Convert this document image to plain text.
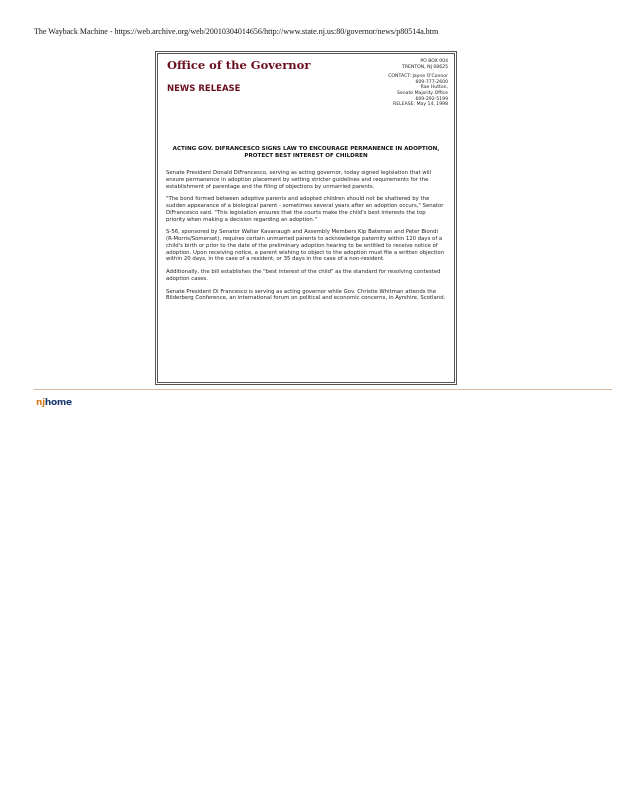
The Wayback Machine - https://web.archive.org/web/20010304014656/http://www.state.nj.us:80/governor/news/p80514a.htm
Office of the Governor
NEWS RELEASE
PO BOX 004
TRENTON, NJ 08625
CONTACT: Jayne O'Connor
609-777-2600
Rae Hutton,
Senate Majority Office
609-292-5199
RELEASE: May 14, 1998
ACTING GOV. DIFRANCESCO SIGNS LAW TO ENCOURAGE PERMANENCE IN ADOPTION, PROTECT BEST INTEREST OF CHILDREN

Senate President Donald DiFrancesco, serving as acting governor, today signed legislation that will ensure permanence in adoption placement by setting stricter guidelines and requirements for the establishment of parentage and the filing of objections by unmarried parents.

"The bond formed between adoptive parents and adopted children should not be shattered by the sudden appearance of a biological parent - sometimes several years after an adoption occurs," Senator DiFrancesco said. "This legislation ensures that the courts make the child's best interests the top priority when making a decision regarding an adoption."

S-56, sponsored by Senator Walter Kavanaugh and Assembly Members Kip Bateman and Peter Biondi (R-Morris/Somerset), requires certain unmarried parents to acknowledge paternity within 120 days of a child's birth or prior to the date of the preliminary adoption hearing to be entitled to receive notice of adoption. Upon receiving notice, a parent wishing to object to the adoption must file a written objection within 20 days, in the case of a resident, or 35 days in the case of a non-resident.

Additionally, the bill establishes the "best interest of the child" as the standard for resolving contested adoption cases.

Senate President Di Francesco is serving as acting governor while Gov. Christie Whitman attends the Bilderberg Conference, an international forum on political and economic concerns, in Ayrshire, Scotland.

njhome
